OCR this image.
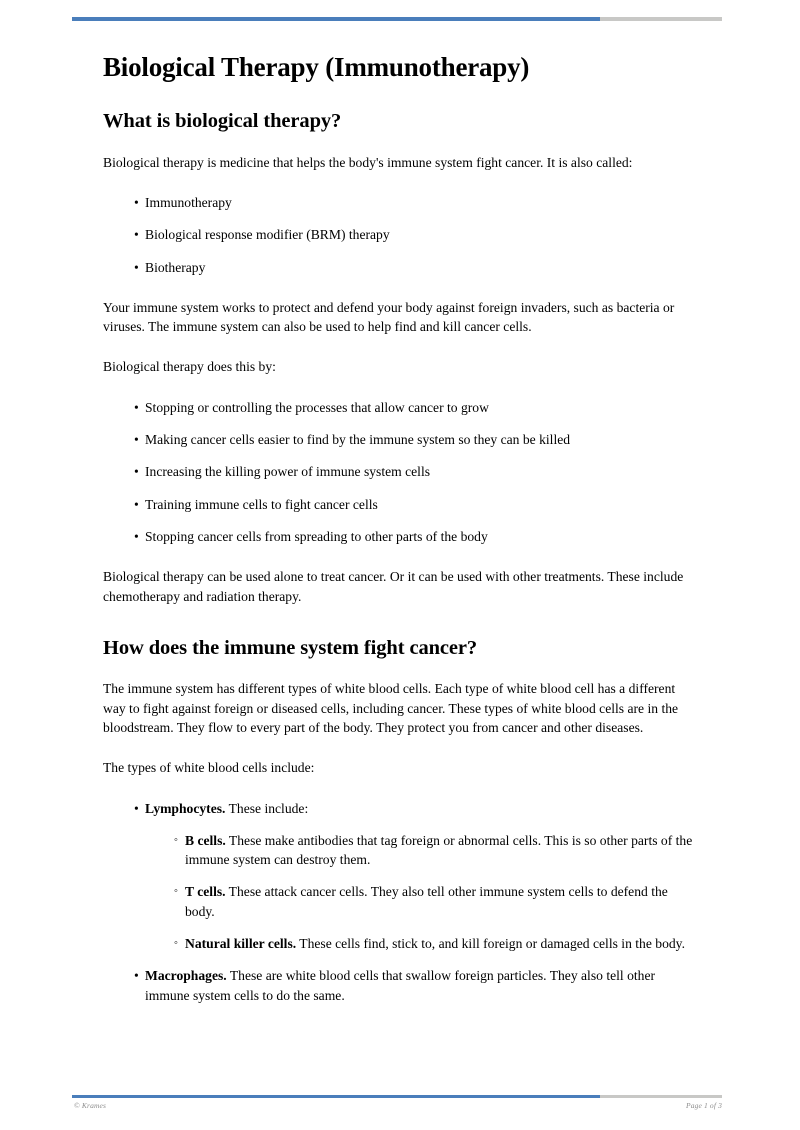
Biological Therapy (Immunotherapy)
What is biological therapy?

Biological therapy is medicine that helps the body's immune system fight cancer. It is also called:

• Immunotherapy
• Biological response modifier (BRM) therapy
• Biotherapy

Your immune system works to protect and defend your body against foreign invaders, such as bacteria or viruses. The immune system can also be used to help find and kill cancer cells.

Biological therapy does this by:

• Stopping or controlling the processes that allow cancer to grow
• Making cancer cells easier to find by the immune system so they can be killed
• Increasing the killing power of immune system cells
• Training immune cells to fight cancer cells
• Stopping cancer cells from spreading to other parts of the body

Biological therapy can be used alone to treat cancer. Or it can be used with other treatments. These include chemotherapy and radiation therapy.

How does the immune system fight cancer?

The immune system has different types of white blood cells. Each type of white blood cell has a different way to fight against foreign or diseased cells, including cancer. These types of white blood cells are in the bloodstream. They flow to every part of the body. They protect you from cancer and other diseases.

The types of white blood cells include:

• Lymphocytes. These include:
◦ B cells. These make antibodies that tag foreign or abnormal cells. This is so other parts of the immune system can destroy them.
◦ T cells. These attack cancer cells. They also tell other immune system cells to defend the body.
◦ Natural killer cells. These cells find, stick to, and kill foreign or damaged cells in the body.
• Macrophages. These are white blood cells that swallow foreign particles. They also tell other immune system cells to do the same.
© Krames	Page 1 of 3
